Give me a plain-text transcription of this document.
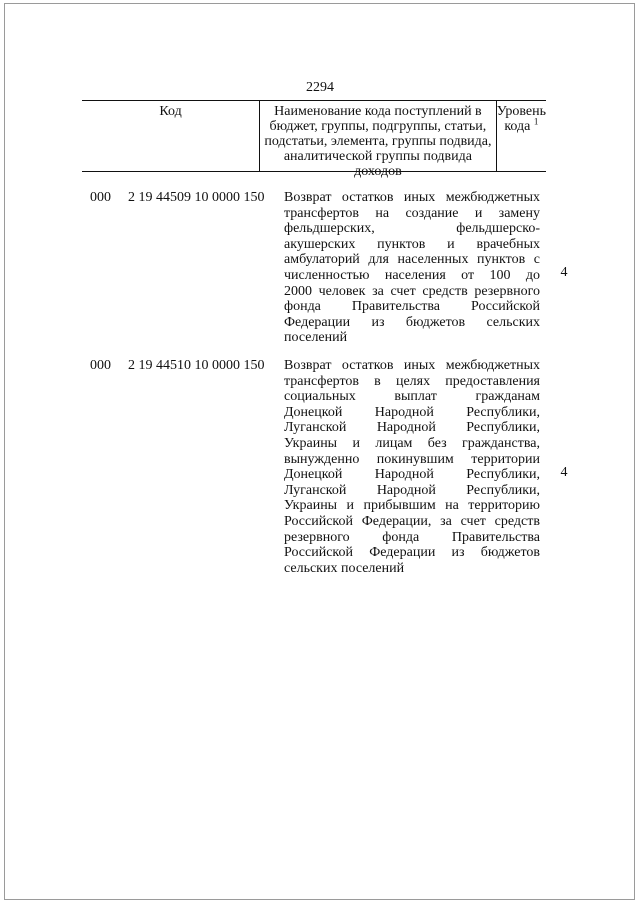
2294
Код	Наименование кода поступлений в
бюджет, группы, подгруппы, статьи,
подстатьи, элемента, группы подвида,
аналитической группы подвида доходов
Уровень
кода $^1$
000 2 19 44509 10 0000 150 Возврат остатков иных межбюджетных
трансфертов на создание и замену
фельдшерских, фельдшерско-
акушерских пунктов и врачебных
амбулаторий для населенных пунктов с
численностью населения от 100 до
2000 человек за счет средств резервного
фонда Правительства Российской
Федерации из бюджетов сельских
поселений
4
000 2 19 44510 10 0000 150 Возврат остатков иных межбюджетных
трансфертов в целях предоставления
социальных выплат гражданам
Донецкой Народной Республики,
Луганской Народной Республики,
Украины и лицам без гражданства,
вынужденно покинувшим территории
Донецкой Народной Республики,
Луганской Народной Республики,
Украины и прибывшим на территорию
Российской Федерации, за счет средств
резервного фонда Правительства
Российской Федерации из бюджетов
сельских поселений
4
